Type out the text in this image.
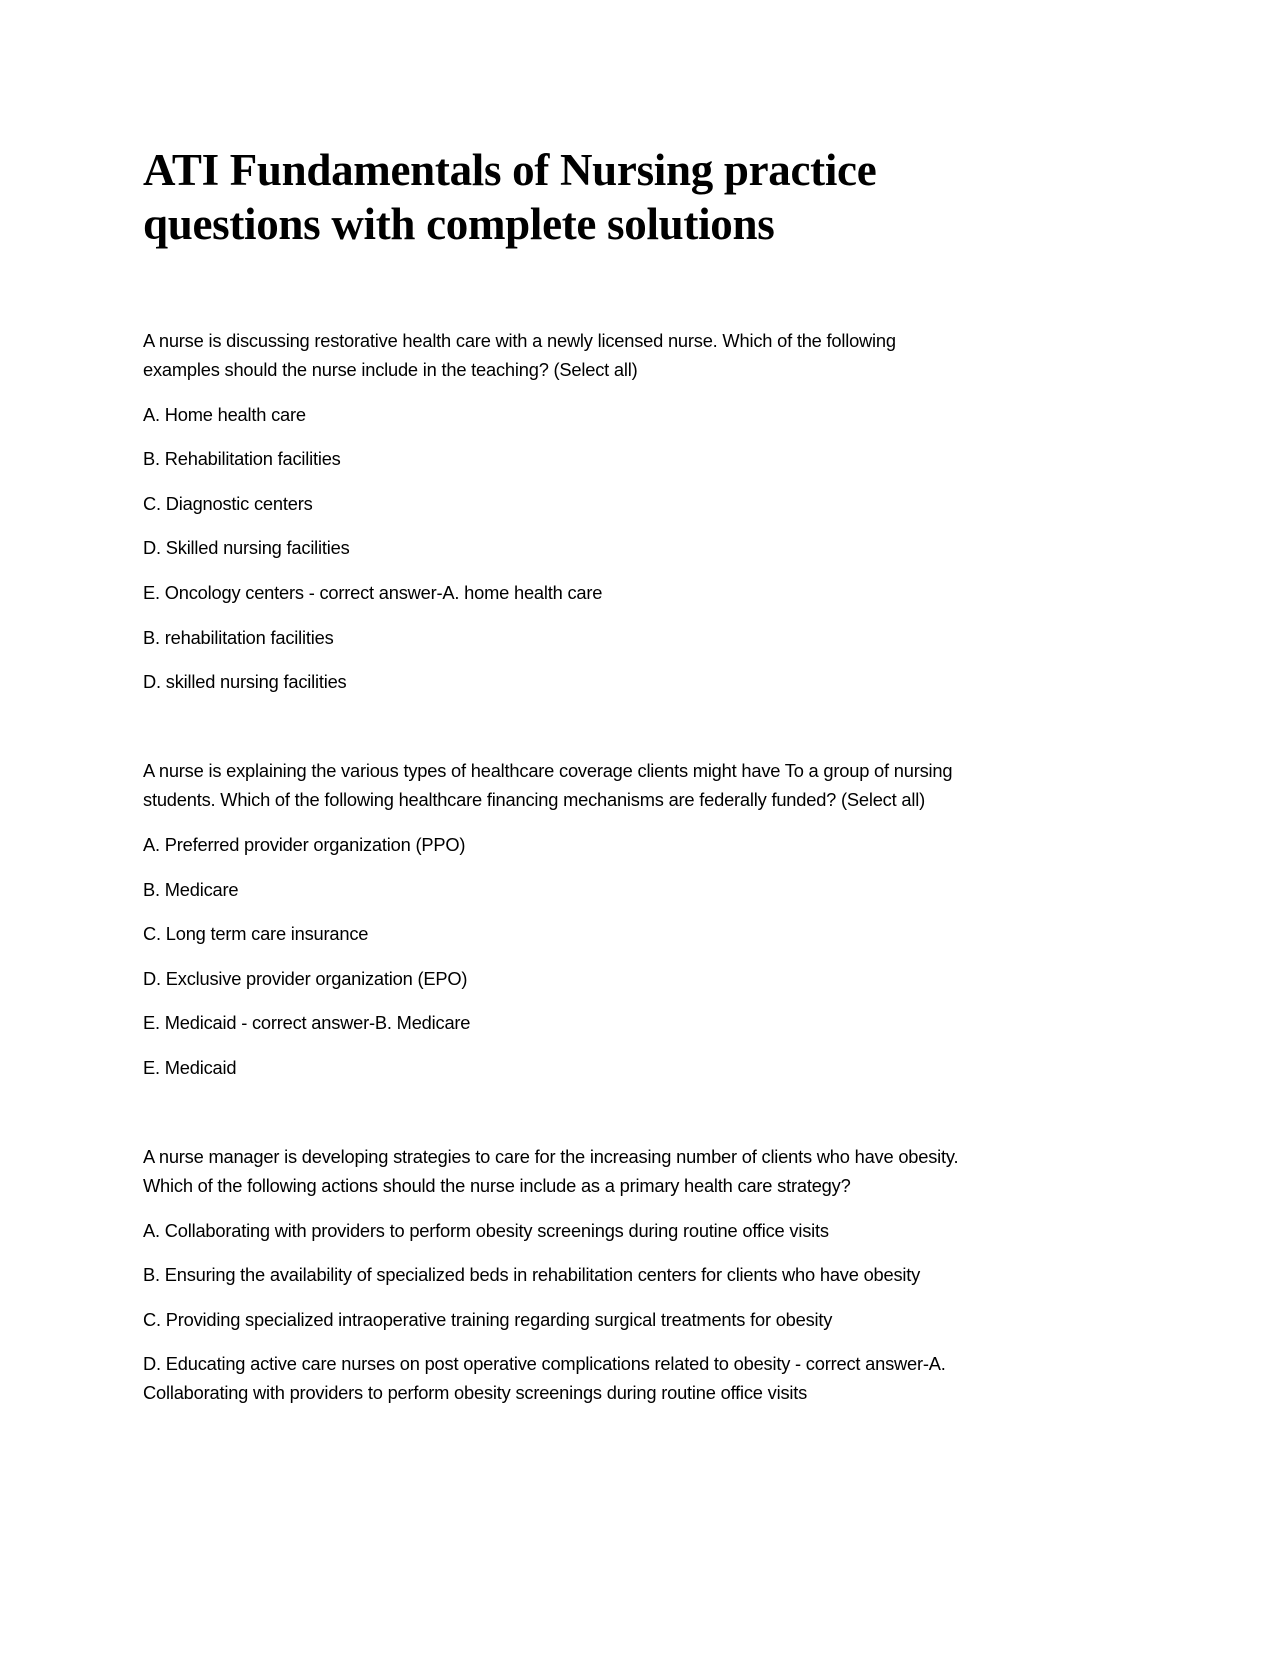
ATI Fundamentals of Nursing practice
questions with complete solutions
A nurse is discussing restorative health care with a newly licensed nurse. Which of the following
examples should the nurse include in the teaching? (Select all)
A. Home health care
B. Rehabilitation facilities
C. Diagnostic centers
D. Skilled nursing facilities
E. Oncology centers - correct answer-A. home health care
B. rehabilitation facilities
D. skilled nursing facilities
A nurse is explaining the various types of healthcare coverage clients might have To a group of nursing
students. Which of the following healthcare financing mechanisms are federally funded? (Select all)
A. Preferred provider organization (PPO)
B. Medicare
C. Long term care insurance
D. Exclusive provider organization (EPO)
E. Medicaid - correct answer-B. Medicare
E. Medicaid
A nurse manager is developing strategies to care for the increasing number of clients who have obesity.
Which of the following actions should the nurse include as a primary health care strategy?
A. Collaborating with providers to perform obesity screenings during routine office visits
B. Ensuring the availability of specialized beds in rehabilitation centers for clients who have obesity
C. Providing specialized intraoperative training regarding surgical treatments for obesity
D. Educating active care nurses on post operative complications related to obesity - correct answer-A.
Collaborating with providers to perform obesity screenings during routine office visits
